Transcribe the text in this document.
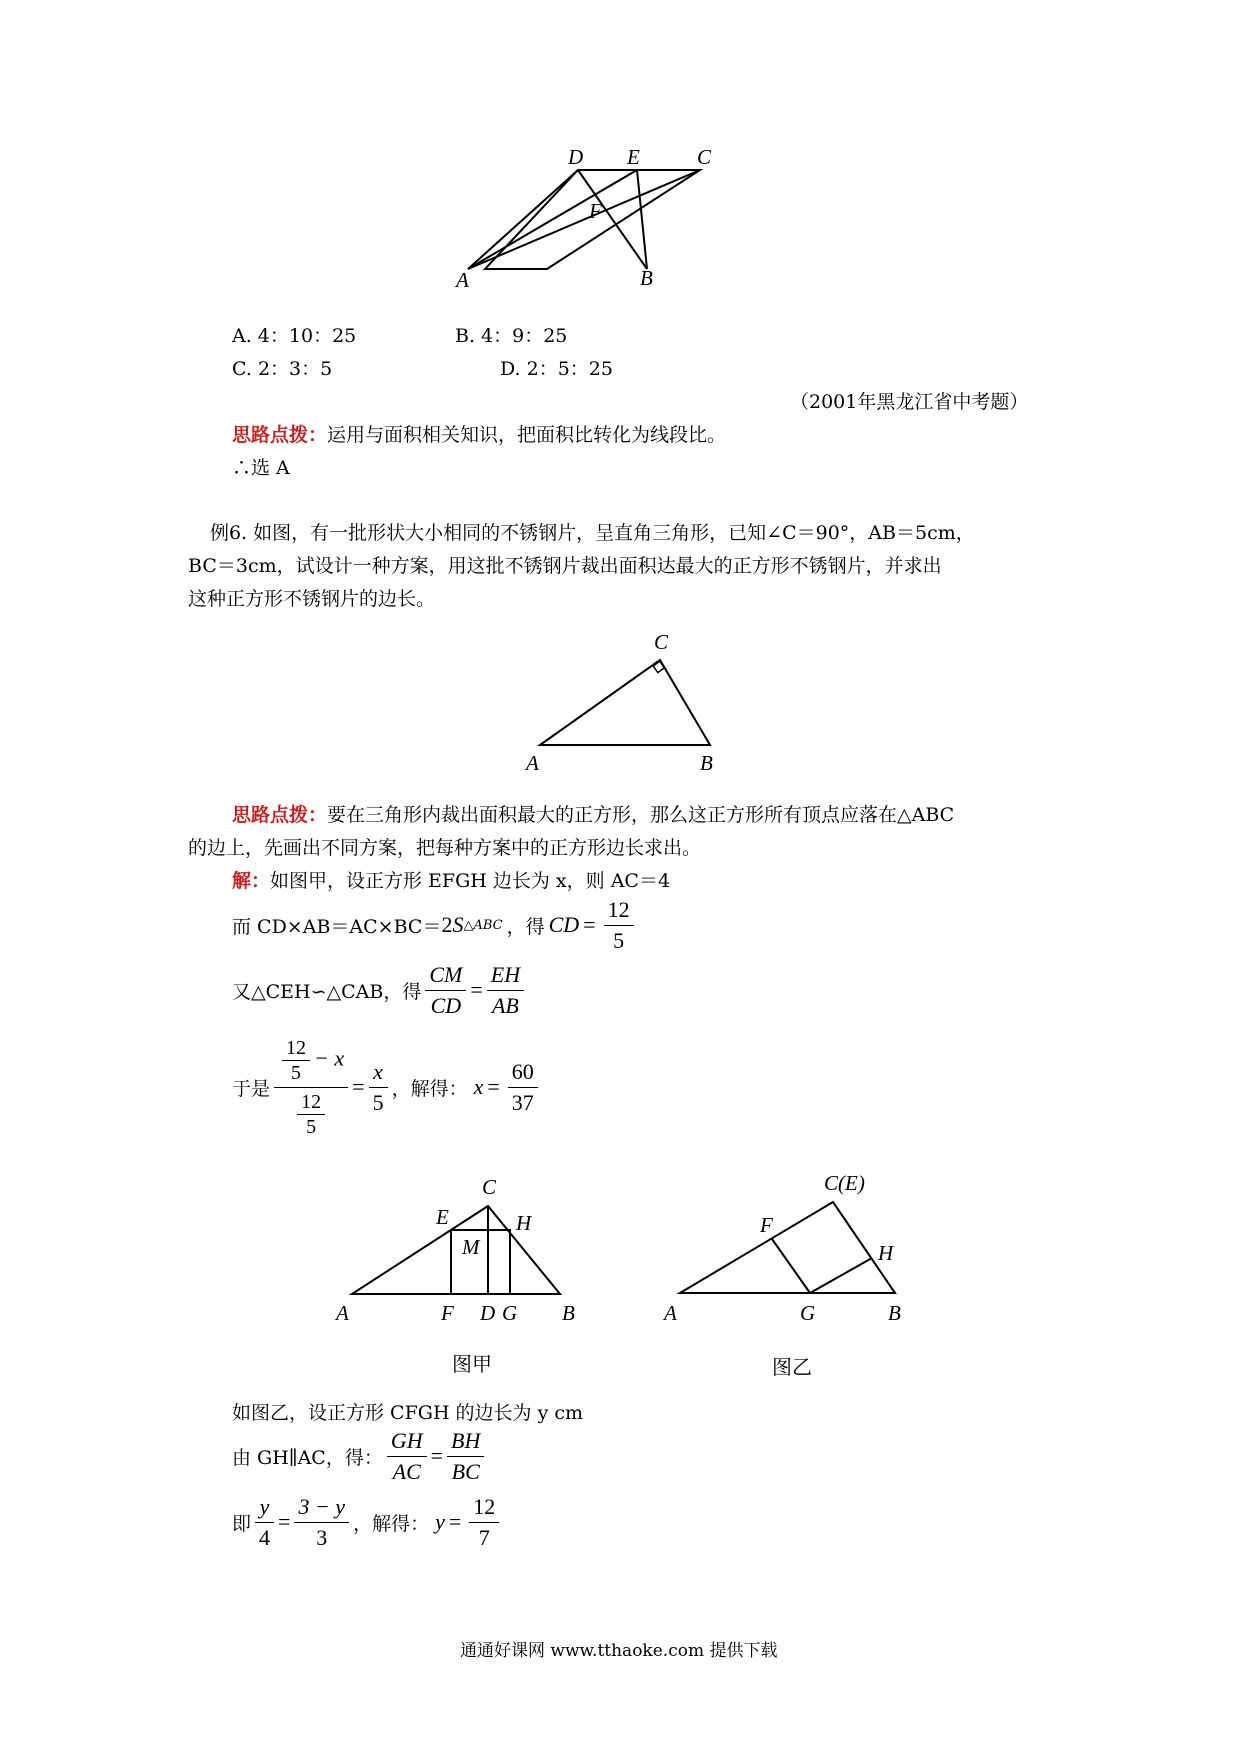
D E	C
F
A	B
A. 4：10：25	B. 4：9：25
C. 2：3：5	D. 2：5：25
（2001年黑龙江省中考题）
思路点拨：运用与面积相关知识，把面积比转化为线段比。
∴选 A
例6. 如图，有一批形状大小相同的不锈钢片，呈直角三角形，已知∠C＝90°，AB＝5cm，
BC＝3cm，试设计一种方案，用这批不锈钢片裁出面积达最大的正方形不锈钢片，并求出
这种正方形不锈钢片的边长。
C
A	B
思路点拨：要在三角形内裁出面积最大的正方形，那么这正方形所有顶点应落在△ABC
的边上，先画出不同方案，把每种方案中的正方形边长求出。
解：如图甲，设正方形 EFGH 边长为 x，则 AC＝4
而 CD×AB＝AC×BC＝ 2 S △ABC ，得 CD = $\frac{12}{5}$
又△CEH∽△CAB，得 $\frac{CM}{CD} = \frac{EH}{AB}$
于是 $\frac{\frac{12}{5} - x}{\frac{12}{5}} = \frac{x}{5}$ ，解得： $x = \frac{60}{37}$
C
E	H
M
A	F D G B
图甲
C(E)
F
H
A	G	B
图乙
如图乙，设正方形 CFGH 的边长为 y cm
由 GH∥AC，得： $\frac{GH}{AC} = \frac{BH}{BC}$
即 $\frac{y}{4} = \frac{3 - y}{3}$ ，解得： $y = \frac{12}{7}$
通通好课网 www.tthaoke.com 提供下载
